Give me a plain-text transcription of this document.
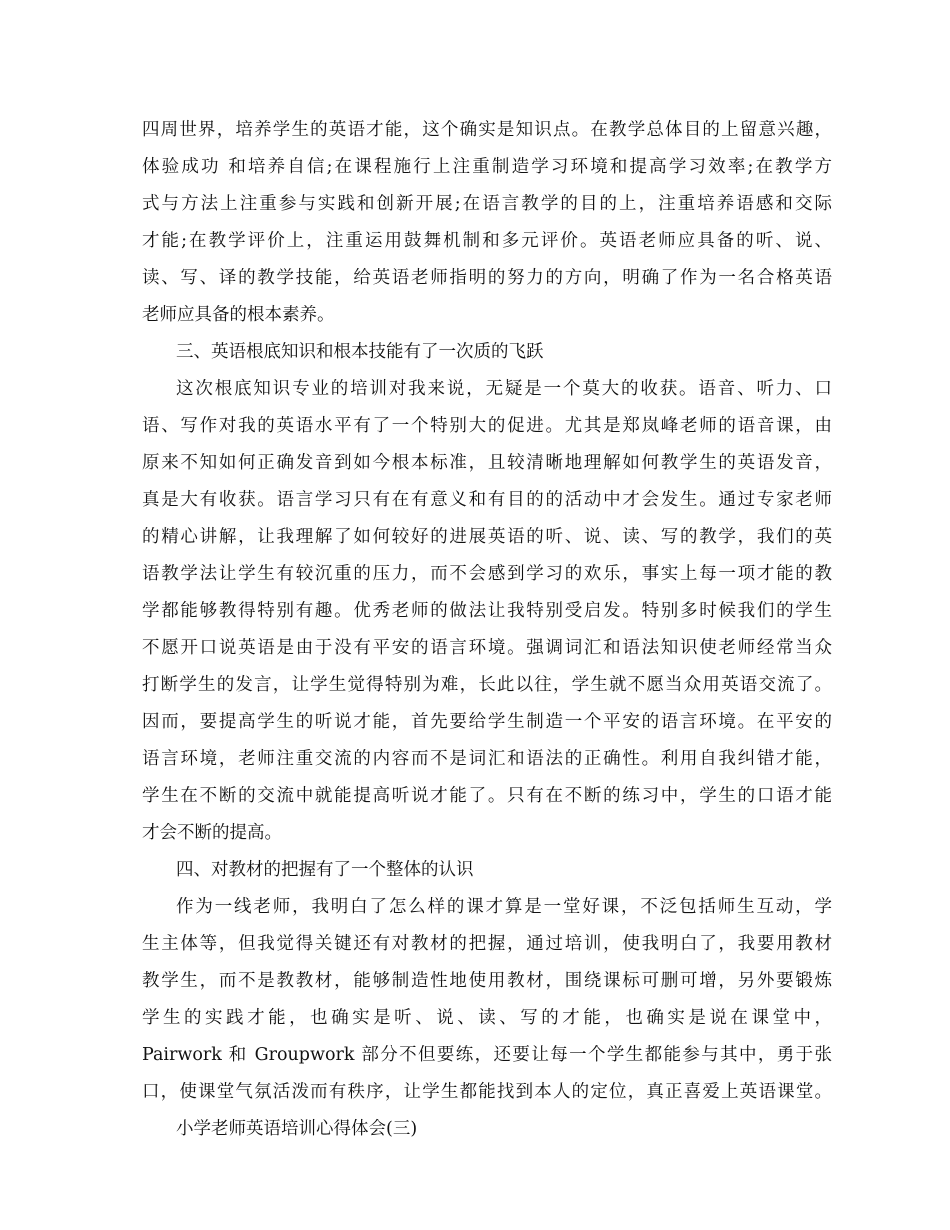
四周世界，培养学生的英语才能，这个确实是知识点。在教学总体目的上留意兴趣，
体验成功 和培养自信;在课程施行上注重制造学习环境和提高学习效率;在教学方
式与方法上注重参与实践和创新开展;在语言教学的目的上，注重培养语感和交际
才能;在教学评价上，注重运用鼓舞机制和多元评价。英语老师应具备的听、说、
读、写、译的教学技能，给英语老师指明的努力的方向，明确了作为一名合格英语
老师应具备的根本素养。
三、英语根底知识和根本技能有了一次质的飞跃
这次根底知识专业的培训对我来说，无疑是一个莫大的收获。语音、听力、口
语、写作对我的英语水平有了一个特别大的促进。尤其是郑岚峰老师的语音课，由
原来不知如何正确发音到如今根本标准，且较清晰地理解如何教学生的英语发音，
真是大有收获。语言学习只有在有意义和有目的的活动中才会发生。通过专家老师
的精心讲解，让我理解了如何较好的进展英语的听、说、读、写的教学，我们的英
语教学法让学生有较沉重的压力，而不会感到学习的欢乐，事实上每一项才能的教
学都能够教得特别有趣。优秀老师的做法让我特别受启发。特别多时候我们的学生
不愿开口说英语是由于没有平安的语言环境。强调词汇和语法知识使老师经常当众
打断学生的发言，让学生觉得特别为难，长此以往，学生就不愿当众用英语交流了。
因而，要提高学生的听说才能，首先要给学生制造一个平安的语言环境。在平安的
语言环境，老师注重交流的内容而不是词汇和语法的正确性。利用自我纠错才能，
学生在不断的交流中就能提高听说才能了。只有在不断的练习中，学生的口语才能
才会不断的提高。
四、对教材的把握有了一个整体的认识
作为一线老师，我明白了怎么样的课才算是一堂好课，不泛包括师生互动，学
生主体等，但我觉得关键还有对教材的把握，通过培训，使我明白了，我要用教材
教学生，而不是教教材，能够制造性地使用教材，围绕课标可删可增，另外要锻炼
学生的实践才能，也确实是听、说、读、写的才能，也确实是说在课堂中，
Pairwork 和 Groupwork 部分不但要练，还要让每一个学生都能参与其中，勇于张
口，使课堂气氛活泼而有秩序，让学生都能找到本人的定位，真正喜爱上英语课堂。
小学老师英语培训心得体会(三)
